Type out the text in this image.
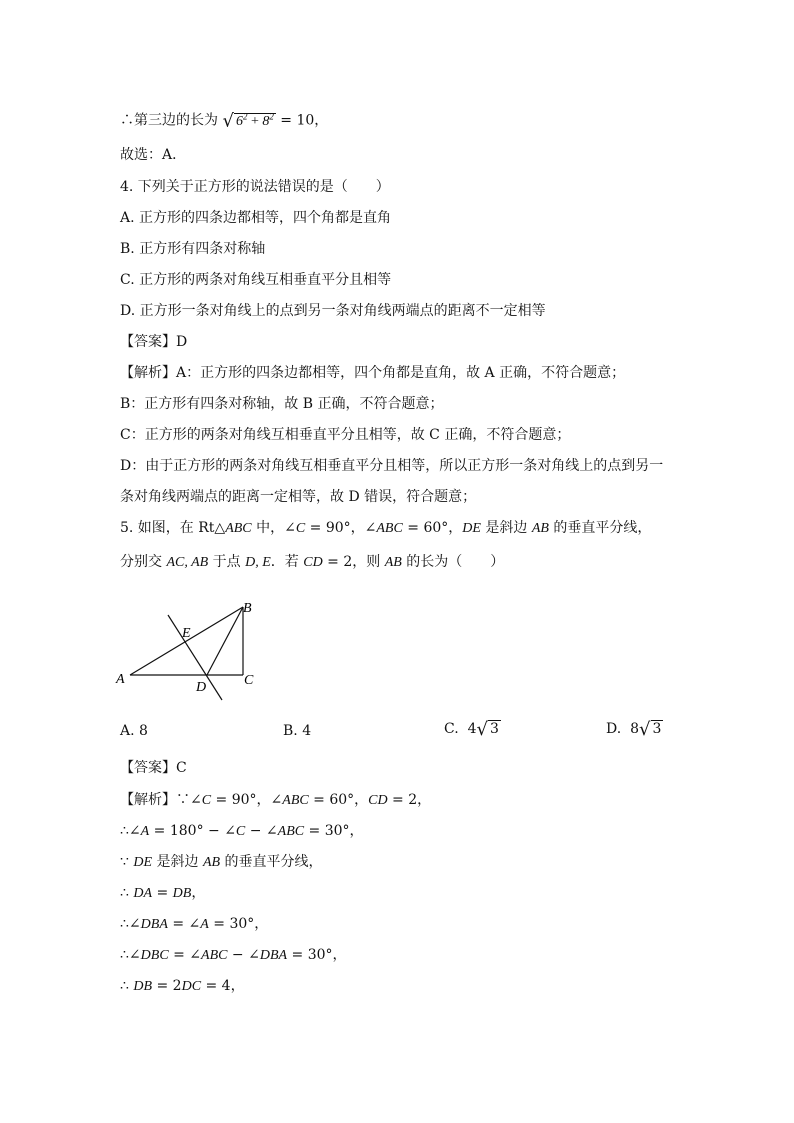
∴第三边的长为 √ $6^2 + 8^2 = 10$，
故选：A．
4. 下列关于正方形的说法错误的是（　　）
A. 正方形的四条边都相等，四个角都是直角
B. 正方形有四条对称轴
C. 正方形的两条对角线互相垂直平分且相等
D. 正方形一条对角线上的点到另一条对角线两端点的距离不一定相等
【答案】D
【解析】A：正方形的四条边都相等，四个角都是直角，故 A 正确，不符合题意；
B：正方形有四条对称轴，故 B 正确，不符合题意；
C：正方形的两条对角线互相垂直平分且相等，故 C 正确，不符合题意；
D：由于正方形的两条对角线互相垂直平分且相等，所以正方形一条对角线上的点到另一
条对角线两端点的距离一定相等，故 D 错误，符合题意；
5. 如图，在 Rt△ABC 中，∠C = 90°，∠ABC = 60°，DE 是斜边 AB 的垂直平分线，
分别交 AC, AB 于点 D, E．若 CD = 2，则 AB 的长为（　　）
A
B
C
D
E
A. 8	B. 4	C. 4√ 3	D. 8√ 3
【答案】C
【解析】∵∠C = 90°，∠ABC = 60°，CD = 2，
∴∠A = 180° − ∠C − ∠ABC = 30°，
∵ DE 是斜边 AB 的垂直平分线，
∴ DA = DB，
∴∠DBA = ∠A = 30°，
∴∠DBC = ∠ABC − ∠DBA = 30°，
∴ DB = 2DC = 4，
